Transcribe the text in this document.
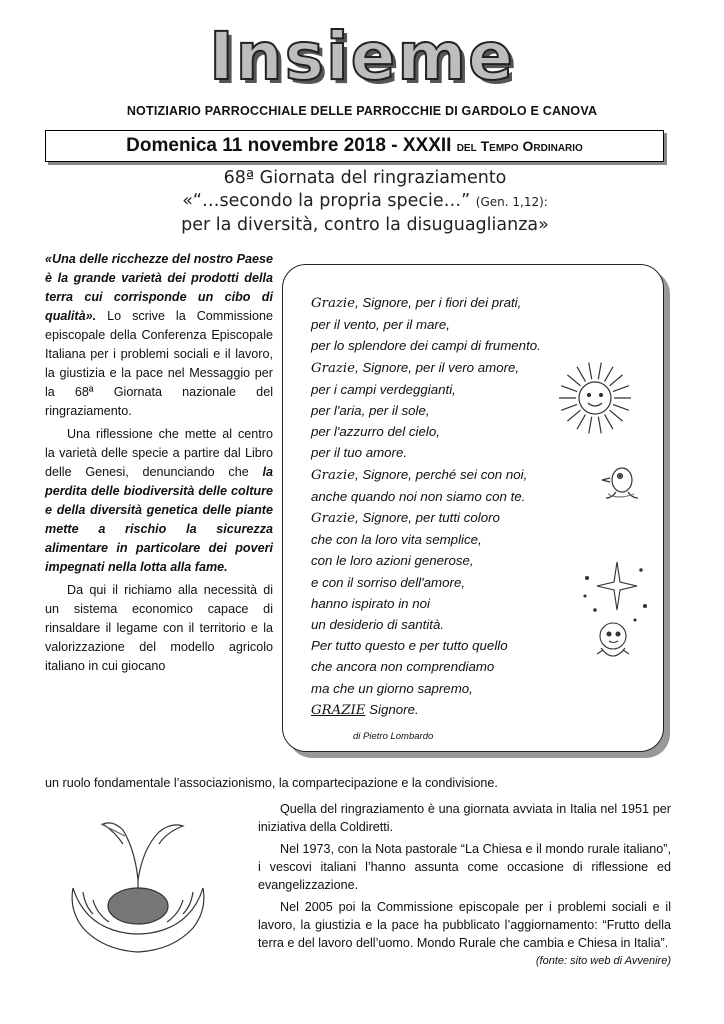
Insieme
NOTIZIARIO PARROCCHIALE DELLE PARROCCHIE DI GARDOLO E CANOVA
Domenica 11 novembre 2018 - XXXII del Tempo Ordinario
68ª Giornata del ringraziamento
«“…secondo la propria specie…” (Gen. 1,12):
per la diversità, contro la disuguaglianza»

«Una delle ricchezze del nostro Paese è la grande varietà dei prodotti della terra cui corrisponde un cibo di qualità». Lo scrive la Commissione episcopale della Conferenza Episcopale Italiana per i problemi sociali e il lavoro, la giustizia e la pace nel Messaggio per la 68ª Giornata nazionale del ringraziamento.

Una riflessione che mette al centro la varietà delle specie a partire dal Libro delle Genesi, denunciando che la perdita delle biodiversità delle colture e della diversità genetica delle piante mette a rischio la sicurezza alimentare in particolare dei poveri impegnati nella lotta alla fame.

Da qui il richiamo alla necessità di un sistema economico capace di rinsaldare il legame con il territorio e la valorizzazione del modello agricolo italiano in cui giocano

un ruolo fondamentale l’associazionismo, la compartecipazione e la condivisione.
Grazie, Signore, per i fiori dei prati,
per il vento, per il mare,
per lo splendore dei campi di frumento.
Grazie, Signore, per il vero amore,
per i campi verdeggianti,
per l'aria, per il sole,
per l'azzurro del cielo,
per il tuo amore.
Grazie, Signore, perché sei con noi,
anche quando noi non siamo con te.
Grazie, Signore, per tutti coloro
che con la loro vita semplice,
con le loro azioni generose,
e con il sorriso dell'amore,
hanno ispirato in noi
un desiderio di santità.
Per tutto questo e per tutto quello
che ancora non comprendiamo
ma che un giorno sapremo,
GRAZIE Signore.
di Pietro Lombardo

Quella del ringraziamento è una giornata avviata in Italia nel 1951 per iniziativa della Coldiretti.

Nel 1973, con la Nota pastorale “La Chiesa e il mondo rurale italiano”, i vescovi italiani l’hanno assunta come occasione di riflessione ed evangelizzazione.

Nel 2005 poi la Commissione episcopale per i problemi sociali e il lavoro, la giustizia e la pace ha pubblicato l’aggiornamento: “Frutto della terra e del lavoro dell’uomo. Mondo Rurale che cambia e Chiesa in Italia”.
(fonte: sito web di Avvenire)
